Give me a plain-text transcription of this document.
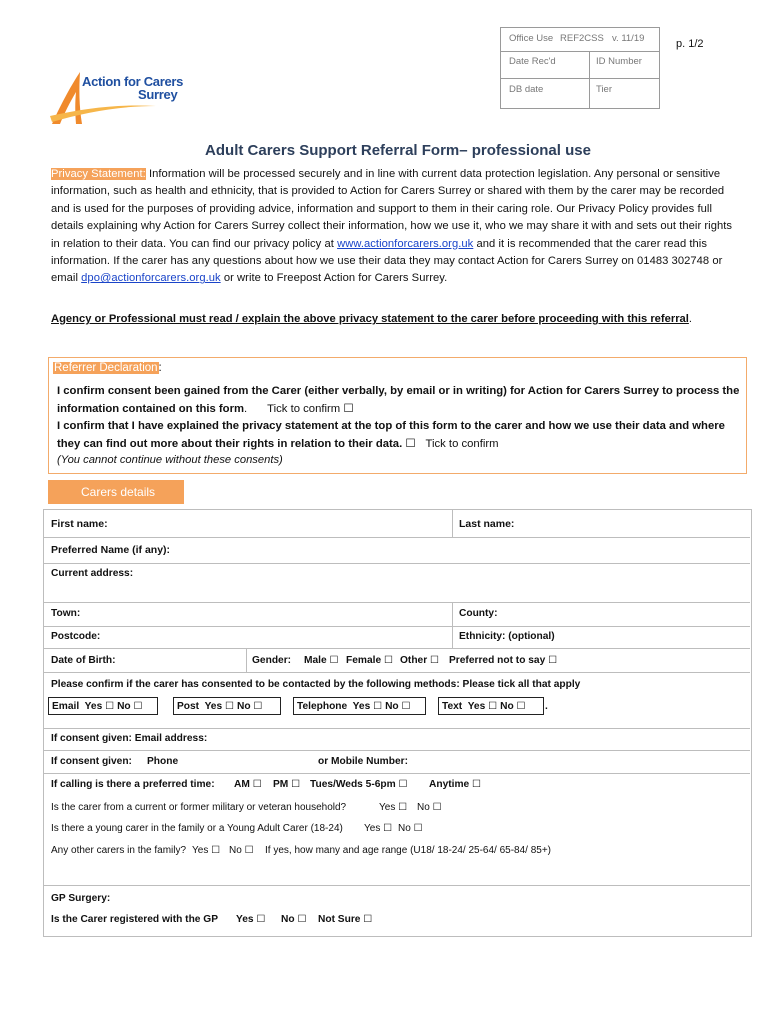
Office Use REF2CSS v. 11/19
Date Rec'd	ID Number
DB date	Tier
p. 1/2
Action for Carers
Surrey
Adult Carers Support Referral Form– professional use
Privacy Statement: Information will be processed securely and in line with current data protection legislation. Any personal or sensitive information, such as health and ethnicity, that is provided to Action for Carers Surrey or shared with them by the carer may be recorded and is used for the purposes of providing advice, information and support to them in their caring role. Our Privacy Policy provides full details explaining why Action for Carers Surrey collect their information, how we use it, who we may share it with and sets out their rights in relation to their data. You can find our privacy policy at www.actionforcarers.org.uk and it is recommended that the carer read this information. If the carer has any questions about how we use their data they may contact Action for Carers Surrey on 01483 302748 or email dpo@actionforcarers.org.uk or write to Freepost Action for Carers Surrey.
Agency or Professional must read / explain the above privacy statement to the carer before proceeding with this referral.
Referrer Declaration:
I confirm consent been gained from the Carer (either verbally, by email or in writing) for Action for Carers Surrey to process the information contained on this form. Tick to confirm ☐
I confirm that I have explained the privacy statement at the top of this form to the carer and how we use their data and where they can find out more about their rights in relation to their data. ☐ Tick to confirm
(You cannot continue without these consents)
Carers details
First name:	Last name:
Preferred Name (if any):
Current address:
Town:	County:
Postcode:	Ethnicity: (optional)
Date of Birth:	Gender: Male ☐ Female ☐ Other ☐ Preferred not to say ☐
Please confirm if the carer has consented to be contacted by the following methods: Please tick all that apply
Email Yes ☐ No ☐	Post Yes ☐ No ☐	Telephone Yes ☐ No ☐	Text Yes ☐ No ☐	.
If consent given: Email address:
If consent given: Phone	or Mobile Number:
If calling is there a preferred time: AM ☐ PM ☐ Tues/Weds 5-6pm ☐ Anytime ☐
Is the carer from a current or former military or veteran household?	Yes ☐ No ☐
Is there a young carer in the family or a Young Adult Carer (18-24) Yes ☐ No ☐
Any other carers in the family? Yes ☐ No ☐ If yes, how many and age range (U18/ 18-24/ 25-64/ 65-84/ 85+)
GP Surgery:
Is the Carer registered with the GP Yes ☐ No ☐ Not Sure ☐
